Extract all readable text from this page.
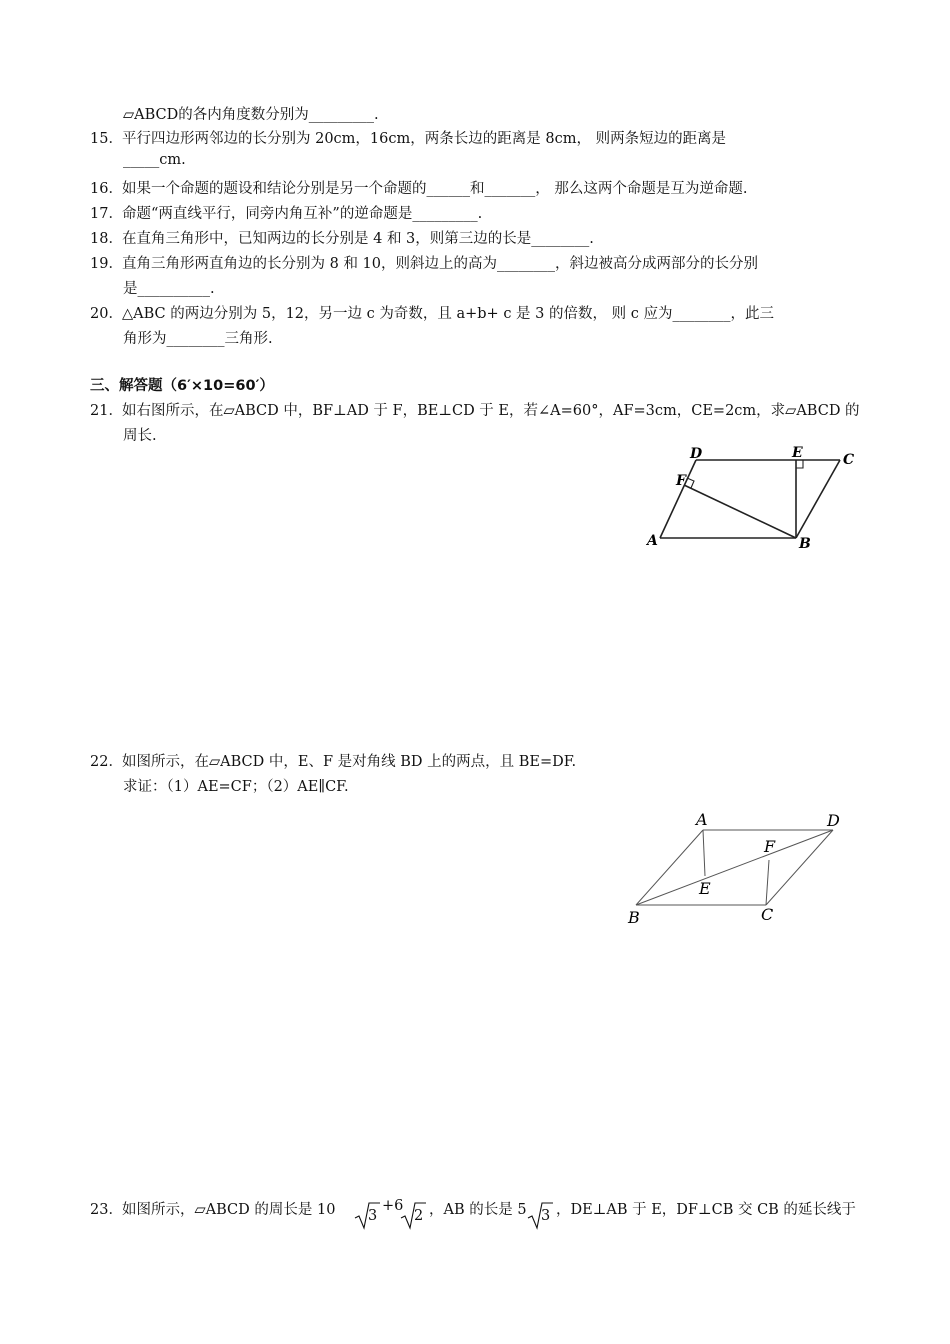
▱ABCD的各内角度数分别为_________.
15．平行四边形两邻边的长分别为 20cm，16cm，两条长边的距离是 8cm， 则两条短边的距离是
_____cm.
16．如果一个命题的题设和结论分别是另一个命题的______和_______， 那么这两个命题是互为逆命题.
17．命题“两直线平行，同旁内角互补”的逆命题是_________.
18．在直角三角形中，已知两边的长分别是 4 和 3，则第三边的长是________.
19．直角三角形两直角边的长分别为 8 和 10，则斜边上的高为________，斜边被高分成两部分的长分别
是__________.
20．△ABC 的两边分别为 5，12，另一边 c 为奇数，且 a+b+ c 是 3 的倍数， 则 c 应为________，此三
角形为________三角形.
三、解答题（6′×10=60′）
21．如右图所示，在▱ABCD 中，BF⊥AD 于 F，BE⊥CD 于 E，若∠A=60°，AF=3cm，CE=2cm，求▱ABCD 的
周长.
D	E	C
F
A	B
22．如图所示，在▱ABCD 中，E、F 是对角线 BD 上的两点，且 BE=DF.
求证：（1）AE=CF；（2）AE∥CF.
A	D
F
E
B	C
23．如图所示，▱ABCD 的周长是 10 3
+6
2 ，AB 的长是 5 3 ，DE⊥AB 于 E，DF⊥CB 交 CB 的延长线于
